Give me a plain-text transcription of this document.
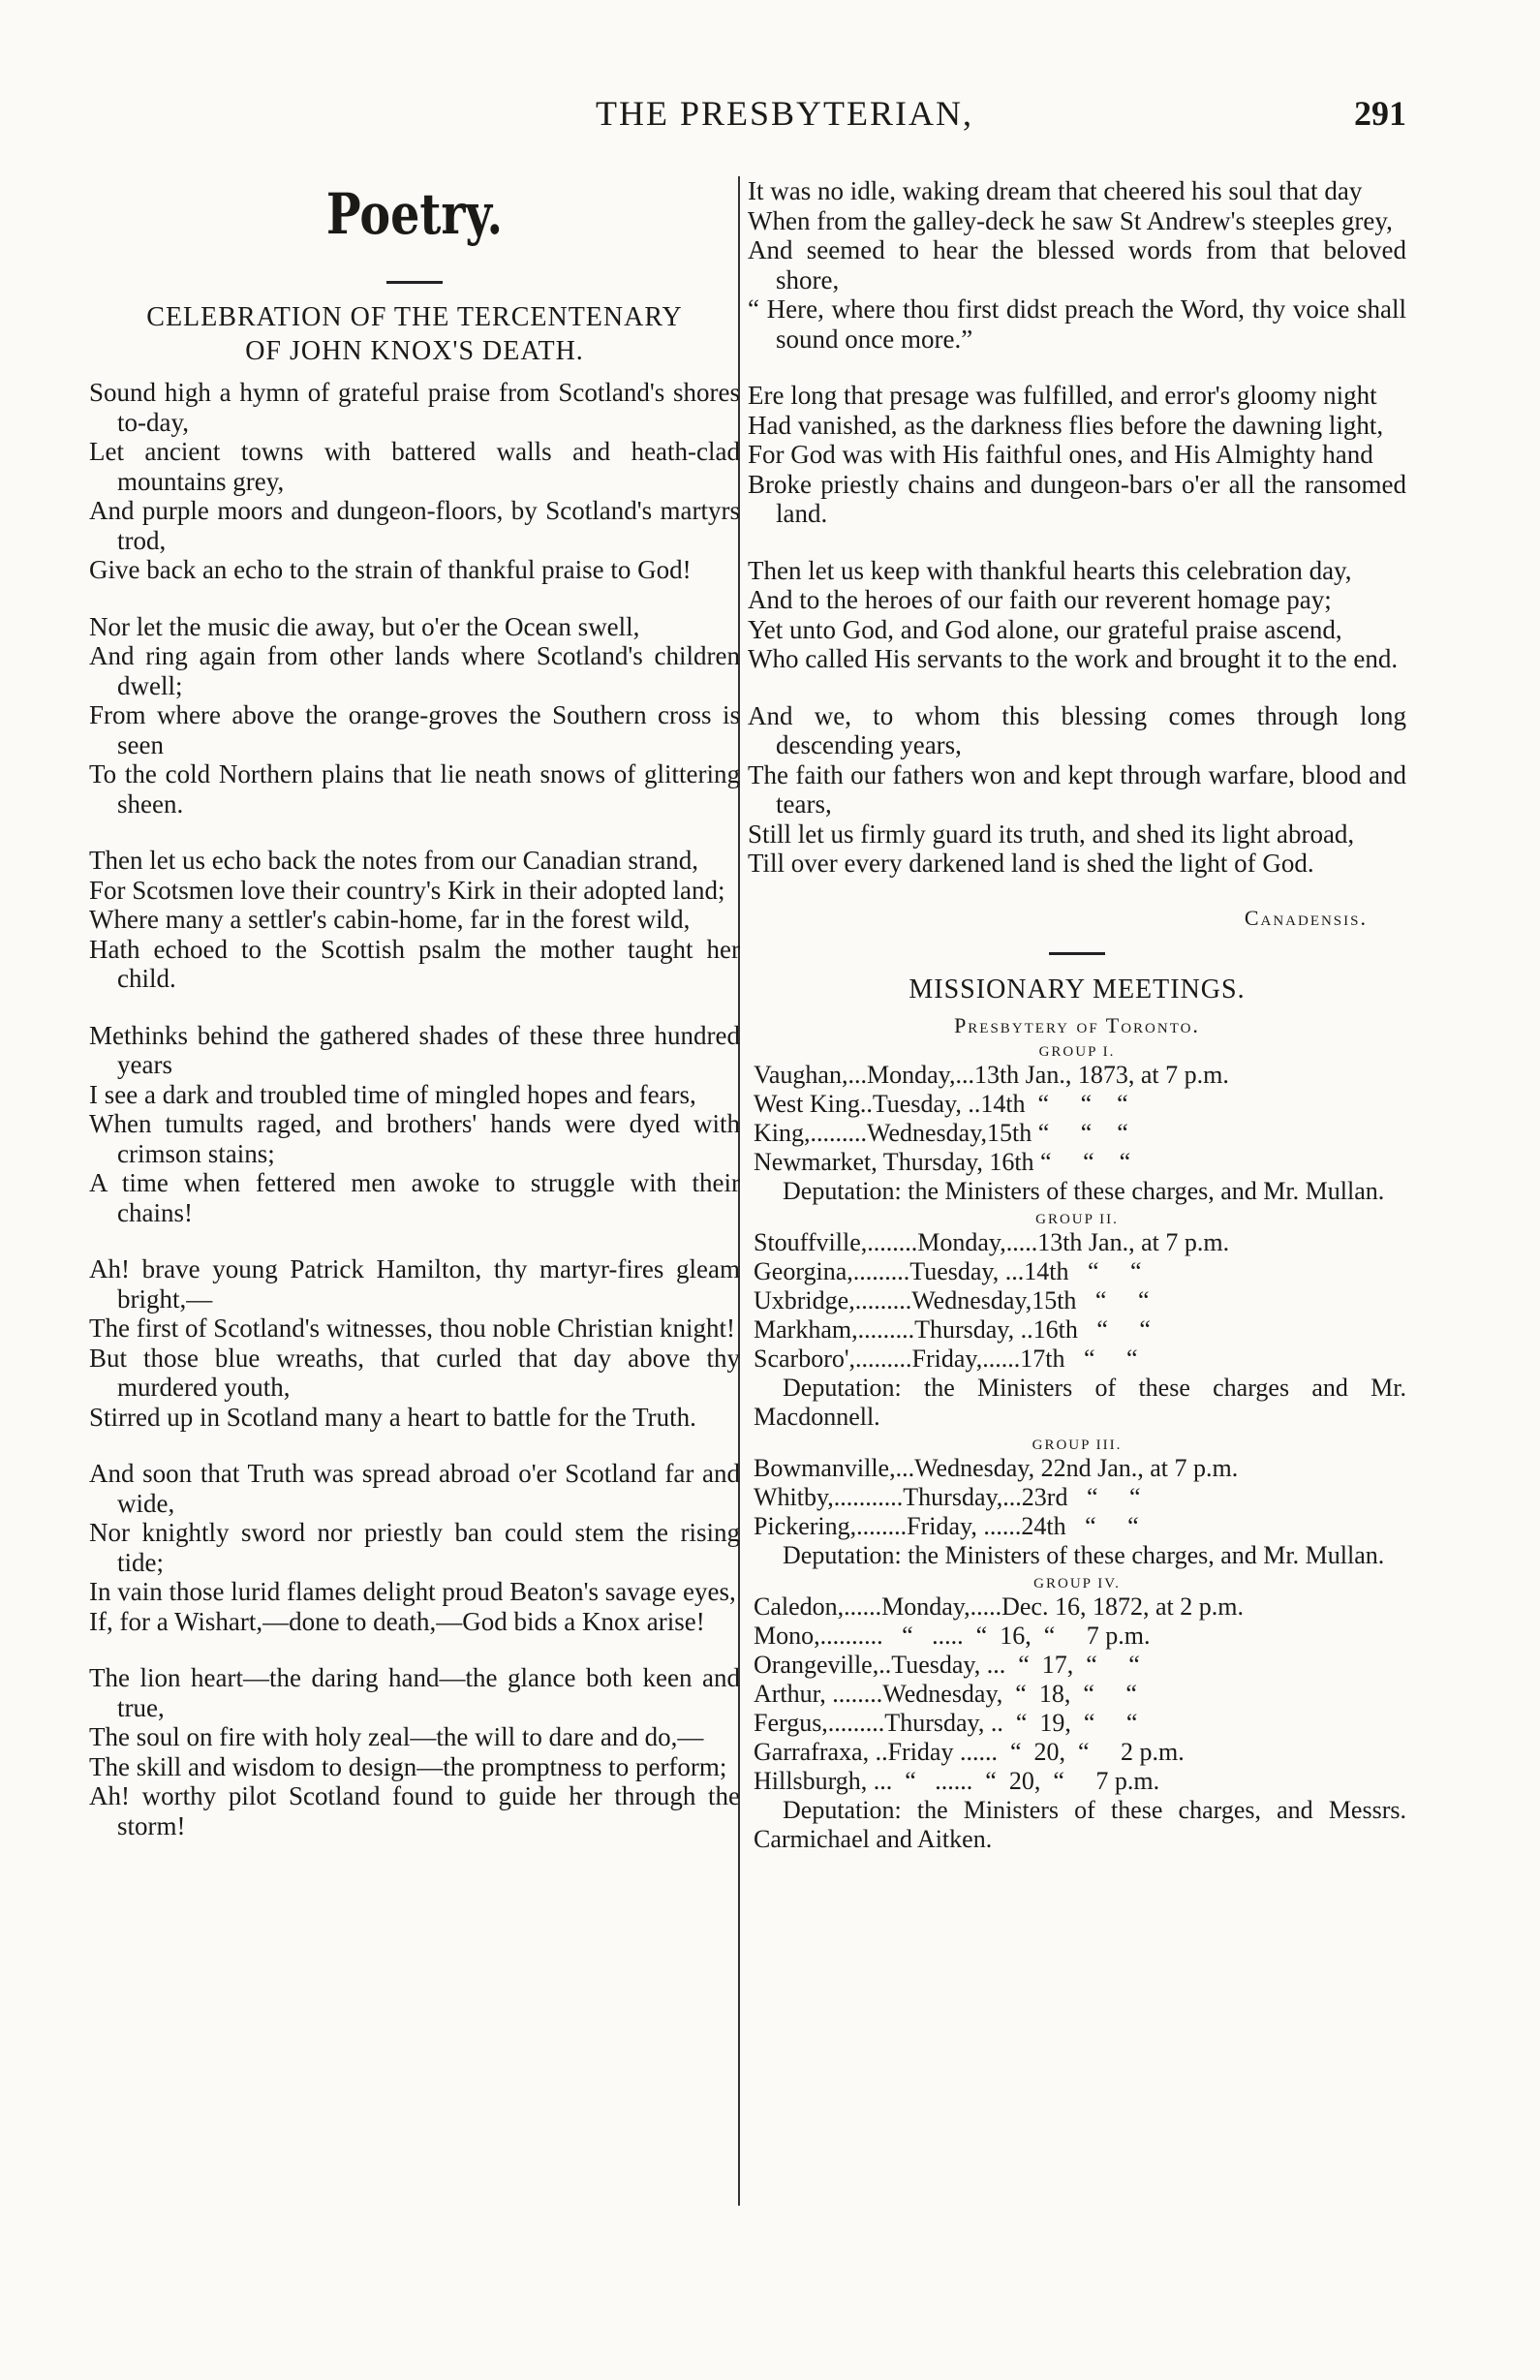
THE PRESBYTERIAN,	291
Poetry.
CELEBRATION OF THE TERCENTENARY
OF JOHN KNOX'S DEATH.
Sound high a hymn of grateful praise from Scotland's shores to-day,
Let ancient towns with battered walls and heath-clad mountains grey,
And purple moors and dungeon-floors, by Scotland's martyrs trod,
Give back an echo to the strain of thankful praise to God!
Nor let the music die away, but o'er the Ocean swell,
And ring again from other lands where Scotland's children dwell;
From where above the orange-groves the Southern cross is seen
To the cold Northern plains that lie neath snows of glittering sheen.
Then let us echo back the notes from our Canadian strand,
For Scotsmen love their country's Kirk in their adopted land;
Where many a settler's cabin-home, far in the forest wild,
Hath echoed to the Scottish psalm the mother taught her child.
Methinks behind the gathered shades of these three hundred years
I see a dark and troubled time of mingled hopes and fears,
When tumults raged, and brothers' hands were dyed with crimson stains;
A time when fettered men awoke to struggle with their chains!
Ah! brave young Patrick Hamilton, thy martyr-fires gleam bright,—
The first of Scotland's witnesses, thou noble Christian knight!
But those blue wreaths, that curled that day above thy murdered youth,
Stirred up in Scotland many a heart to battle for the Truth.
And soon that Truth was spread abroad o'er Scotland far and wide,
Nor knightly sword nor priestly ban could stem the rising tide;
In vain those lurid flames delight proud Beaton's savage eyes,
If, for a Wishart,—done to death,—God bids a Knox arise!
The lion heart—the daring hand—the glance both keen and true,
The soul on fire with holy zeal—the will to dare and do,—
The skill and wisdom to design—the promptness to perform;
Ah! worthy pilot Scotland found to guide her through the storm!
It was no idle, waking dream that cheered his soul that day
When from the galley-deck he saw St Andrew's steeples grey,
And seemed to hear the blessed words from that beloved shore,
“ Here, where thou first didst preach the Word, thy voice shall sound once more.”
Ere long that presage was fulfilled, and error's gloomy night
Had vanished, as the darkness flies before the dawning light,
For God was with His faithful ones, and His Almighty hand
Broke priestly chains and dungeon-bars o'er all the ransomed land.
Then let us keep with thankful hearts this celebration day,
And to the heroes of our faith our reverent homage pay;
Yet unto God, and God alone, our grateful praise ascend,
Who called His servants to the work and brought it to the end.
And we, to whom this blessing comes through long descending years,
The faith our fathers won and kept through warfare, blood and tears,
Still let us firmly guard its truth, and shed its light abroad,
Till over every darkened land is shed the light of God.
Canadensis.
MISSIONARY MEETINGS.
Presbytery of Toronto.
GROUP I.
Vaughan,...Monday,...13th Jan., 1873, at 7 p.m.
West King..Tuesday, ..14th  “     “    “
King,.........Wednesday,15th “     “    “
Newmarket, Thursday, 16th “     “    “
Deputation: the Ministers of these charges, and Mr. Mullan.
GROUP II.
Stouffville,........Monday,.....13th Jan., at 7 p.m.
Georgina,.........Tuesday, ...14th   “     “
Uxbridge,.........Wednesday,15th   “     “
Markham,.........Thursday, ..16th   “     “
Scarboro',.........Friday,......17th   “     “
Deputation: the Ministers of these charges and Mr. Macdonnell.
GROUP III.
Bowmanville,...Wednesday, 22nd Jan., at 7 p.m.
Whitby,...........Thursday,...23rd   “     “
Pickering,........Friday, ......24th   “     “
Deputation: the Ministers of these charges, and Mr. Mullan.
GROUP IV.
Caledon,......Monday,.....Dec. 16, 1872, at 2 p.m.
Mono,..........   “   .....  “  16,  “     7 p.m.
Orangeville,..Tuesday, ...  “  17,  “     “
Arthur, ........Wednesday,  “  18,  “     “
Fergus,.........Thursday, ..  “  19,  “     “
Garrafraxa, ..Friday ......  “  20,  “     2 p.m.
Hillsburgh, ...  “   ......  “  20,  “     7 p.m.
Deputation: the Ministers of these charges, and Messrs. Carmichael and Aitken.
